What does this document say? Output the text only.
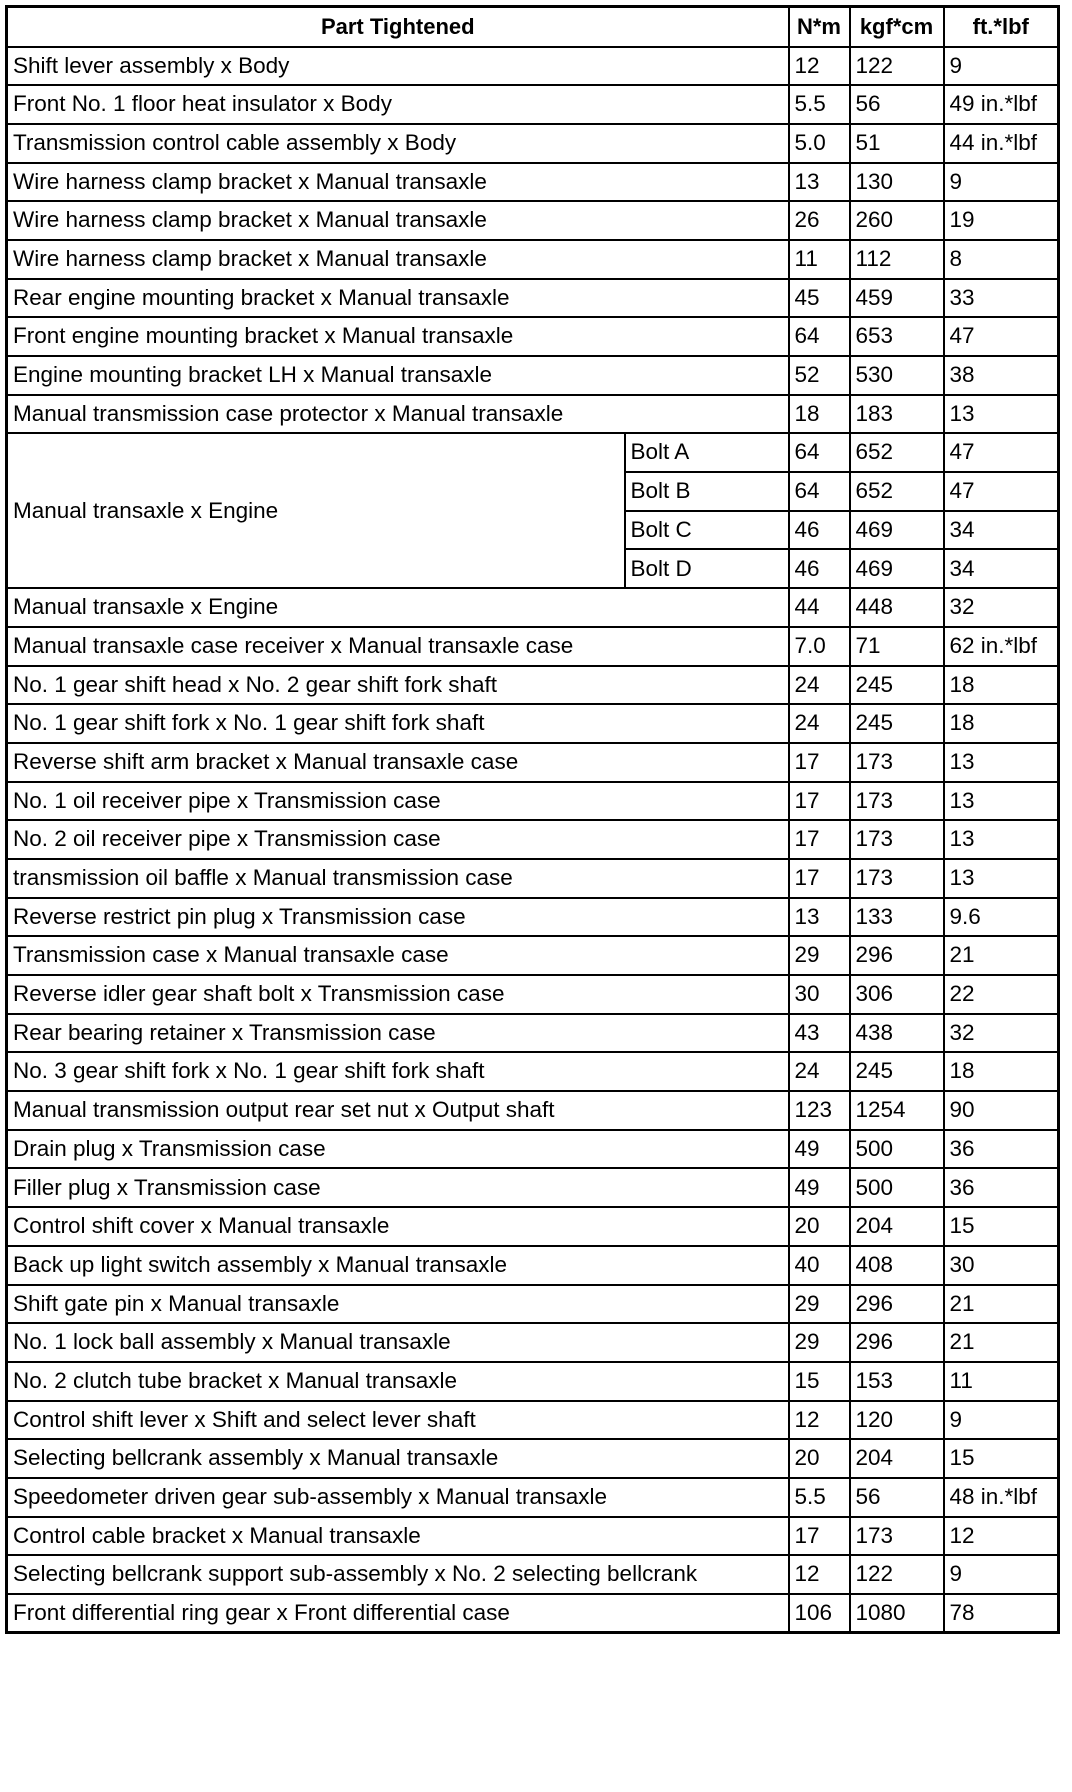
Part Tightened		N*m	kgf*cm	ft.*lbf
Shift lever assembly x Body		12	122	9
Front No. 1 floor heat insulator x Body		5.5	56	49 in.*lbf
Transmission control cable assembly x Body		5.0	51	44 in.*lbf
Wire harness clamp bracket x Manual transaxle		13	130	9
Wire harness clamp bracket x Manual transaxle		26	260	19
Wire harness clamp bracket x Manual transaxle		11	112	8
Rear engine mounting bracket x Manual transaxle		45	459	33
Front engine mounting bracket x Manual transaxle		64	653	47
Engine mounting bracket LH x Manual transaxle		52	530	38
Manual transmission case protector x Manual transaxle		18	183	13
Manual transaxle x Engine	Bolt A	64	652	47
	Bolt B	64	652	47
	Bolt C	46	469	34
	Bolt D	46	469	34
Manual transaxle x Engine		44	448	32
Manual transaxle case receiver x Manual transaxle case		7.0	71	62 in.*lbf
No. 1 gear shift head x No. 2 gear shift fork shaft		24	245	18
No. 1 gear shift fork x No. 1 gear shift fork shaft		24	245	18
Reverse shift arm bracket x Manual transaxle case		17	173	13
No. 1 oil receiver pipe x Transmission case		17	173	13
No. 2 oil receiver pipe x Transmission case		17	173	13
transmission oil baffle x Manual transmission case		17	173	13
Reverse restrict pin plug x Transmission case		13	133	9.6
Transmission case x Manual transaxle case		29	296	21
Reverse idler gear shaft bolt x Transmission case		30	306	22
Rear bearing retainer x Transmission case		43	438	32
No. 3 gear shift fork x No. 1 gear shift fork shaft		24	245	18
Manual transmission output rear set nut x Output shaft		123	1254	90
Drain plug x Transmission case		49	500	36
Filler plug x Transmission case		49	500	36
Control shift cover x Manual transaxle		20	204	15
Back up light switch assembly x Manual transaxle		40	408	30
Shift gate pin x Manual transaxle		29	296	21
No. 1 lock ball assembly x Manual transaxle		29	296	21
No. 2 clutch tube bracket x Manual transaxle		15	153	11
Control shift lever x Shift and select lever shaft		12	120	9
Selecting bellcrank assembly x Manual transaxle		20	204	15
Speedometer driven gear sub-assembly x Manual transaxle		5.5	56	48 in.*lbf
Control cable bracket x Manual transaxle		17	173	12
Selecting bellcrank support sub-assembly x No. 2 selecting bellcrank		12	122	9
Front differential ring gear x Front differential case		106	1080	78
